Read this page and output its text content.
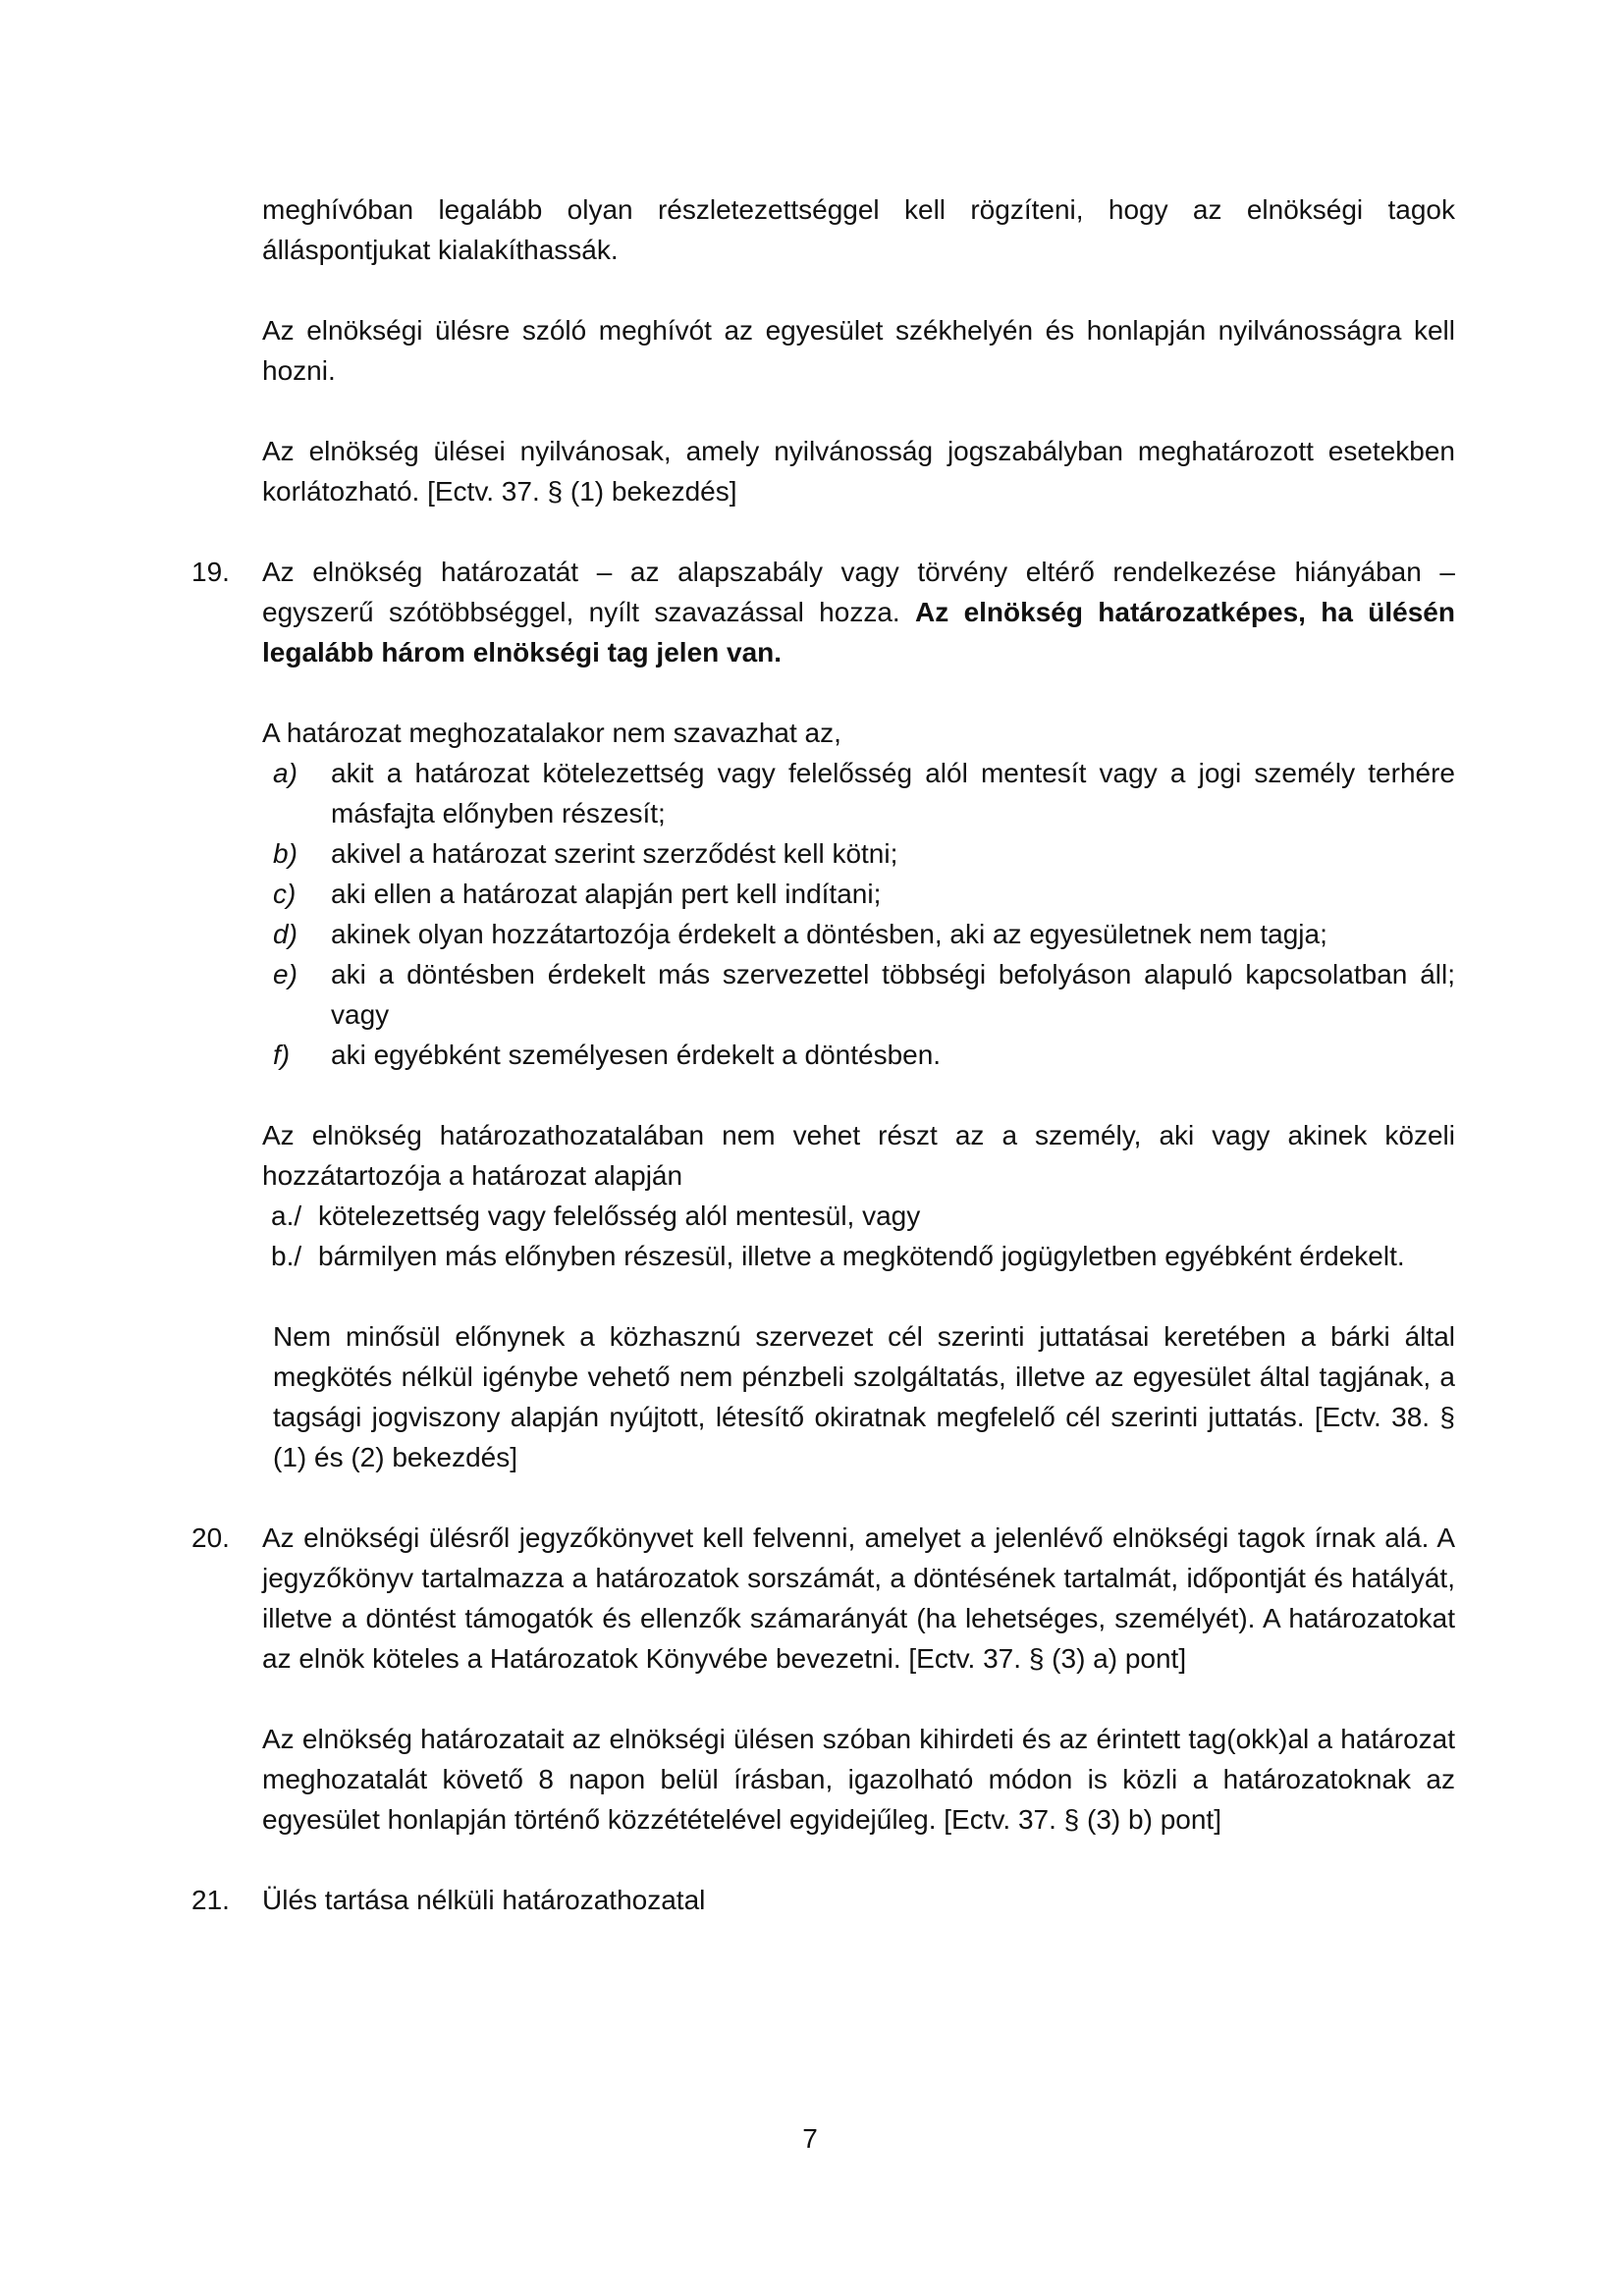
meghívóban legalább olyan részletezettséggel kell rögzíteni, hogy az elnökségi tagok álláspontjukat kialakíthassák.

Az elnökségi ülésre szóló meghívót az egyesület székhelyén és honlapján nyilvánosságra kell hozni.

Az elnökség ülései nyilvánosak, amely nyilvánosság jogszabályban meghatározott esetekben korlátozható. [Ectv. 37. § (1) bekezdés]

19.	Az elnökség határozatát – az alapszabály vagy törvény eltérő rendelkezése hiányában – egyszerű szótöbbséggel, nyílt szavazással hozza. Az elnökség határozatképes, ha ülésén legalább három elnökségi tag jelen van.

A határozat meghozatalakor nem szavazhat az,

a) akit a határozat kötelezettség vagy felelősség alól mentesít vagy a jogi személy terhére másfajta előnyben részesít;
b) akivel a határozat szerint szerződést kell kötni;
c) aki ellen a határozat alapján pert kell indítani;
d) akinek olyan hozzátartozója érdekelt a döntésben, aki az egyesületnek nem tagja;
e) aki a döntésben érdekelt más szervezettel többségi befolyáson alapuló kapcsolatban áll; vagy
f) aki egyébként személyesen érdekelt a döntésben.

Az elnökség határozathozatalában nem vehet részt az a személy, aki vagy akinek közeli hozzátartozója a határozat alapján

a./ kötelezettség vagy felelősség alól mentesül, vagy
b./ bármilyen más előnyben részesül, illetve a megkötendő jogügyletben egyébként érdekelt.

Nem minősül előnynek a közhasznú szervezet cél szerinti juttatásai keretében a bárki által megkötés nélkül igénybe vehető nem pénzbeli szolgáltatás, illetve az egyesület által tagjának, a tagsági jogviszony alapján nyújtott, létesítő okiratnak megfelelő cél szerinti juttatás. [Ectv. 38. § (1) és (2) bekezdés]

20.	Az elnökségi ülésről jegyzőkönyvet kell felvenni, amelyet a jelenlévő elnökségi tagok írnak alá. A jegyzőkönyv tartalmazza a határozatok sorszámát, a döntésének tartalmát, időpontját és hatályát, illetve a döntést támogatók és ellenzők számarányát (ha lehetséges, személyét). A határozatokat az elnök köteles a Határozatok Könyvébe bevezetni. [Ectv. 37. § (3) a) pont]

Az elnökség határozatait az elnökségi ülésen szóban kihirdeti és az érintett tag(okk)al a határozat meghozatalát követő 8 napon belül írásban, igazolható módon is közli a határozatoknak az egyesület honlapján történő közzétételével egyidejűleg. [Ectv. 37. § (3) b) pont]

21.	Ülés tartása nélküli határozathozatal

7
